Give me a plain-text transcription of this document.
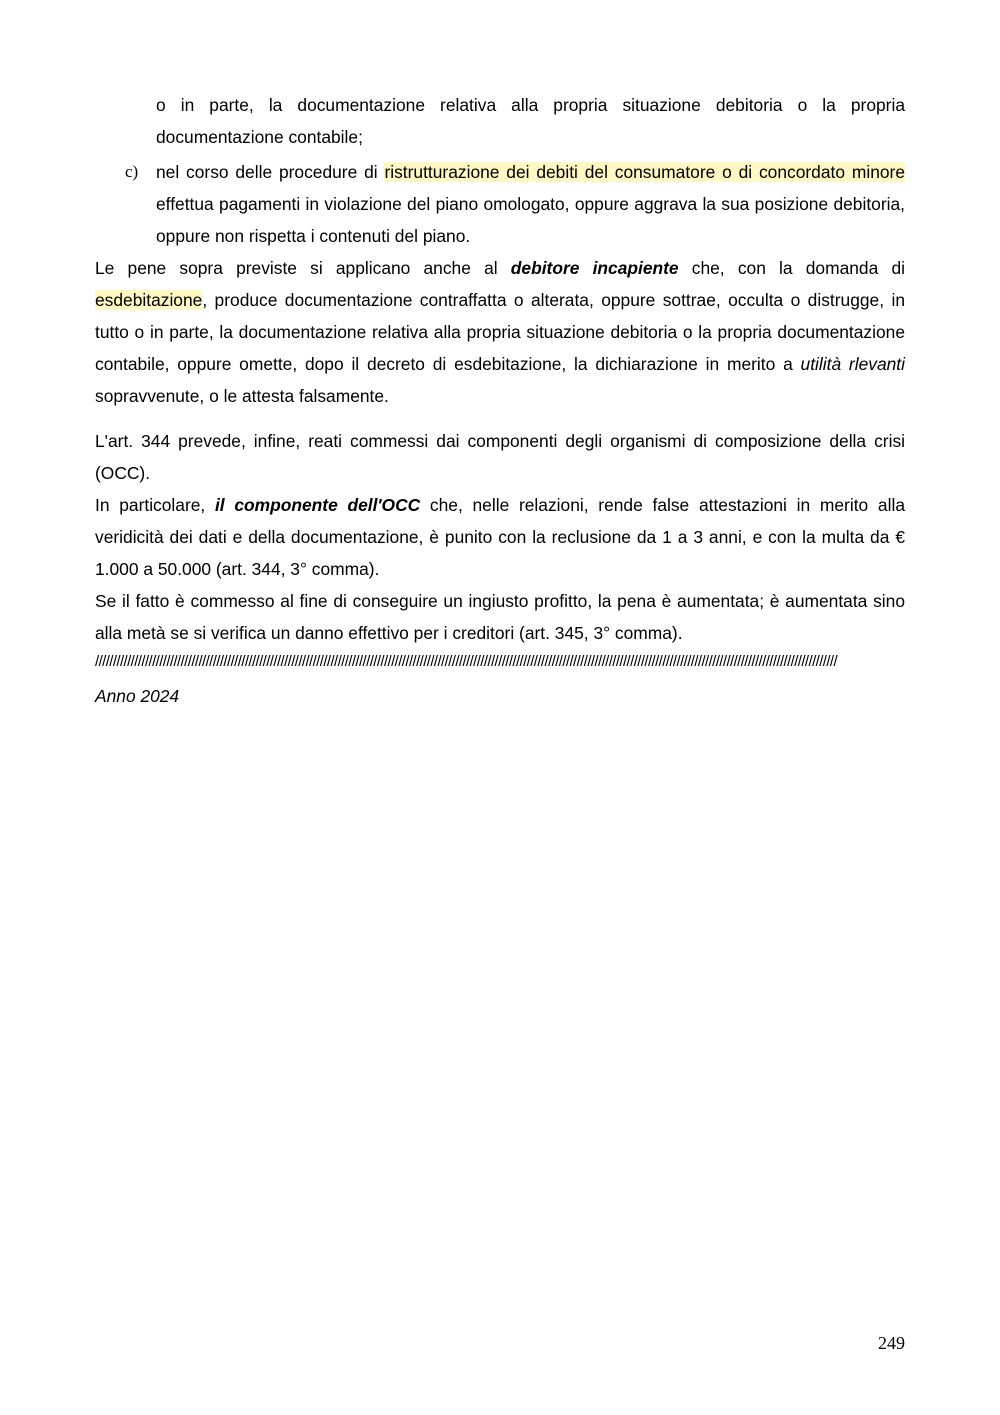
o in parte, la documentazione relativa alla propria situazione debitoria o la propria documentazione contabile;

c) nel corso delle procedure di ristrutturazione dei debiti del consumatore o di concordato minore effettua pagamenti in violazione del piano omologato, oppure aggrava la sua posizione debitoria, oppure non rispetta i contenuti del piano.

Le pene sopra previste si applicano anche al debitore incapiente che, con la domanda di esdebitazione, produce documentazione contraffatta o alterata, oppure sottrae, occulta o distrugge, in tutto o in parte, la documentazione relativa alla propria situazione debitoria o la propria documentazione contabile, oppure omette, dopo il decreto di esdebitazione, la dichiarazione in merito a utilità rlevanti sopravvenute, o le attesta falsamente.

L'art. 344 prevede, infine, reati commessi dai componenti degli organismi di composizione della crisi (OCC).

In particolare, il componente dell'OCC che, nelle relazioni, rende false attestazioni in merito alla veridicità dei dati e della documentazione, è punito con la reclusione da 1 a 3 anni, e con la multa da € 1.000 a 50.000 (art. 344, 3° comma).

Se il fatto è commesso al fine di conseguire un ingiusto profitto, la pena è aumentata; è aumentata sino alla metà se si verifica un danno effettivo per i creditori (art. 345, 3° comma).

////////////////////////////////////////////////////////////////////////////////////////////////////////////////////////////////////////////////////////////////////////////////////////////////////////////////
Anno 2024
249
